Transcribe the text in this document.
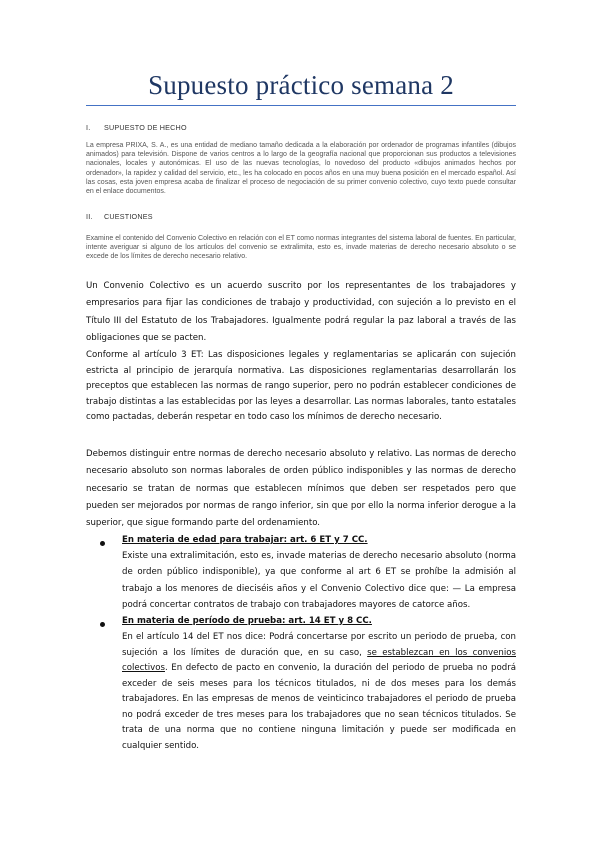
Supuesto práctico semana 2
I. SUPUESTO DE HECHO
La empresa PRIXA, S. A., es una entidad de mediano tamaño dedicada a la elaboración por ordenador de programas infantiles (dibujos animados) para televisión. Dispone de varios centros a lo largo de la geografía nacional que proporcionan sus productos a televisiones nacionales, locales y autonómicas. El uso de las nuevas tecnologías, lo novedoso del producto «dibujos animados hechos por ordenador», la rapidez y calidad del servicio, etc., les ha colocado en pocos años en una muy buena posición en el mercado español. Así las cosas, esta joven empresa acaba de finalizar el proceso de negociación de su primer convenio colectivo, cuyo texto puede consultar en el enlace documentos.
II. CUESTIONES
Examine el contenido del Convenio Colectivo en relación con el ET como normas integrantes del sistema laboral de fuentes. En particular, intente averiguar si alguno de los artículos del convenio se extralimita, esto es, invade materias de derecho necesario absoluto o se excede de los límites de derecho necesario relativo.
Un Convenio Colectivo es un acuerdo suscrito por los representantes de los trabajadores y empresarios para fijar las condiciones de trabajo y productividad, con sujeción a lo previsto en el Título III del Estatuto de los Trabajadores. Igualmente podrá regular la paz laboral a través de las obligaciones que se pacten.
Conforme al artículo 3 ET: Las disposiciones legales y reglamentarias se aplicarán con sujeción estricta al principio de jerarquía normativa. Las disposiciones reglamentarias desarrollarán los preceptos que establecen las normas de rango superior, pero no podrán establecer condiciones de trabajo distintas a las establecidas por las leyes a desarrollar. Las normas laborales, tanto estatales como pactadas, deberán respetar en todo caso los mínimos de derecho necesario.
Debemos distinguir entre normas de derecho necesario absoluto y relativo. Las normas de derecho necesario absoluto son normas laborales de orden público indisponibles y las normas de derecho necesario se tratan de normas que establecen mínimos que deben ser respetados pero que pueden ser mejorados por normas de rango inferior, sin que por ello la norma inferior derogue a la superior, que sigue formando parte del ordenamiento.
En materia de edad para trabajar: art. 6 ET y 7 CC.
Existe una extralimitación, esto es, invade materias de derecho necesario absoluto (norma de orden público indisponible), ya que conforme al art 6 ET se prohíbe la admisión al trabajo a los menores de dieciséis años y el Convenio Colectivo dice que: — La empresa podrá concertar contratos de trabajo con trabajadores mayores de catorce años.
En materia de período de prueba: art. 14 ET y 8 CC.
En el artículo 14 del ET nos dice: Podrá concertarse por escrito un periodo de prueba, con sujeción a los límites de duración que, en su caso, se establezcan en los convenios colectivos. En defecto de pacto en convenio, la duración del periodo de prueba no podrá exceder de seis meses para los técnicos titulados, ni de dos meses para los demás trabajadores. En las empresas de menos de veinticinco trabajadores el periodo de prueba no podrá exceder de tres meses para los trabajadores que no sean técnicos titulados. Se trata de una norma que no contiene ninguna limitación y puede ser modificada en cualquier sentido.
